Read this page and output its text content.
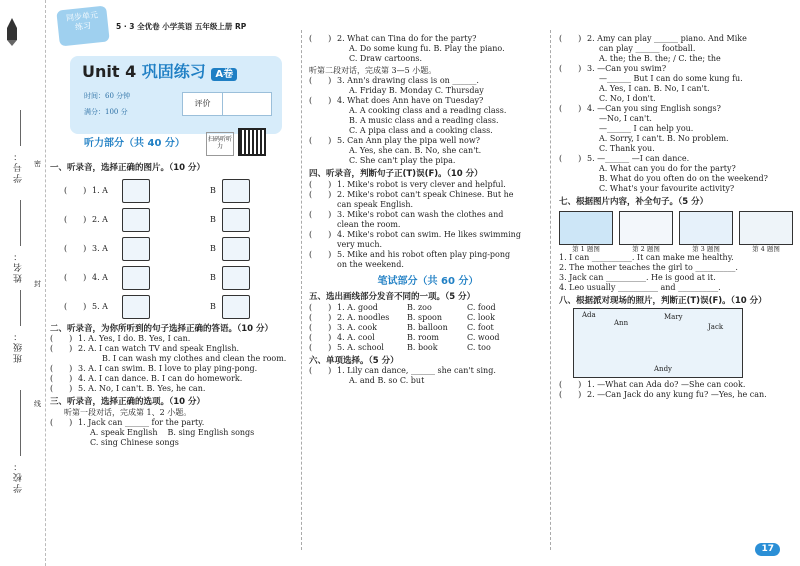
学号：
姓名：
班级：
学校：
密
封
线
同步单元练习	5 · 3 全优卷 小学英语 五年级上册 RP
Unit 4 巩固练习 A卷
时间：60 分钟
满分：100 分
评价
听力部分（共 40 分）	扫码听听力
一、听录音，选择正确的图片。（10 分）
(　　) 1. A	B
(　　) 2. A	B
(　　) 3. A	B
(　　) 4. A	B
(　　) 5. A	B
二、听录音，为你所听到的句子选择正确的答语。（10 分）
(　　) 1. A. Yes, I do. B. Yes, I can.
(　　) 2. A. I can watch TV and speak English.
B. I can wash my clothes and clean the room.
(　　) 3. A. I can swim. B. I love to play ping-pong.
(　　) 4. A. I can dance. B. I can do homework.
(　　) 5. A. No, I can't. B. Yes, he can.
三、听录音，选择正确的选项。（10 分）
听第一段对话，完成第 1、2 小题。
(　　) 1. Jack can ______ for the party.
A. speak English B. sing English songs
C. sing Chinese songs
(　　) 2. What can Tina do for the party?
A. Do some kung fu. B. Play the piano.
C. Draw cartoons.
听第二段对话，完成第 3—5 小题。
(　　) 3. Ann's drawing class is on ______.
A. Friday B. Monday C. Thursday
(　　) 4. What does Ann have on Tuesday?
A. A cooking class and a reading class.
B. A music class and a reading class.
C. A pipa class and a cooking class.
(　　) 5. Can Ann play the pipa well now?
A. Yes, she can. B. No, she can't.
C. She can't play the pipa.
四、听录音，判断句子正(T)误(F)。（10 分）
(　　) 1. Mike's robot is very clever and helpful.
(　　) 2. Mike's robot can't speak Chinese. But he
can speak English.
(　　) 3. Mike's robot can wash the clothes and
clean the room.
(　　) 4. Mike's robot can swim. He likes swimming
very much.
(　　) 5. Mike and his robot often play ping-pong
on the weekend.
笔试部分（共 60 分）
五、选出画线部分发音不同的一项。（5 分）
(　　) 1. A. good	B. zoo	C. food
(　　) 2. A. noodles B. spoon	C. look
(　　) 3. A. cook	B. balloon C. foot
(　　) 4. A. cool	B. room	C. wood
(　　) 5. A. school	B. book	C. too
六、单项选择。（5 分）
(　　) 1. Lily can dance, ______ she can't sing.
A. and B. so C. but
(　　) 2. Amy can play ______ piano. And Mike
can play ______ football.
A. the; the B. the; / C. the; the
(　　) 3. —Can you swim?
—______ But I can do some kung fu.
A. Yes, I can. B. No, I can't.
C. No, I don't.
(　　) 4. —Can you sing English songs?
—No, I can't.
—______ I can help you.
A. Sorry, I can't. B. No problem.
C. Thank you.
(　　) 5. —______ —I can dance.
A. What can you do for the party?
B. What do you often do on the weekend?
C. What's your favourite activity?
七、根据图片内容，补全句子。（5 分）
第 1 题图	第 2 题图	第 3 题图	第 4 题图
1. I can __________. It can make me healthy.
2. The mother teaches the girl to __________.
3. Jack can __________. He is good at it.
4. Leo usually __________ and __________.
八、根据派对现场的照片，判断正(T)误(F)。（10 分）
Ada
Ann
Mary
Jack
Andy
(　　) 1. —What can Ada do? —She can cook.
(　　) 2. —Can Jack do any kung fu? —Yes, he can.
17
